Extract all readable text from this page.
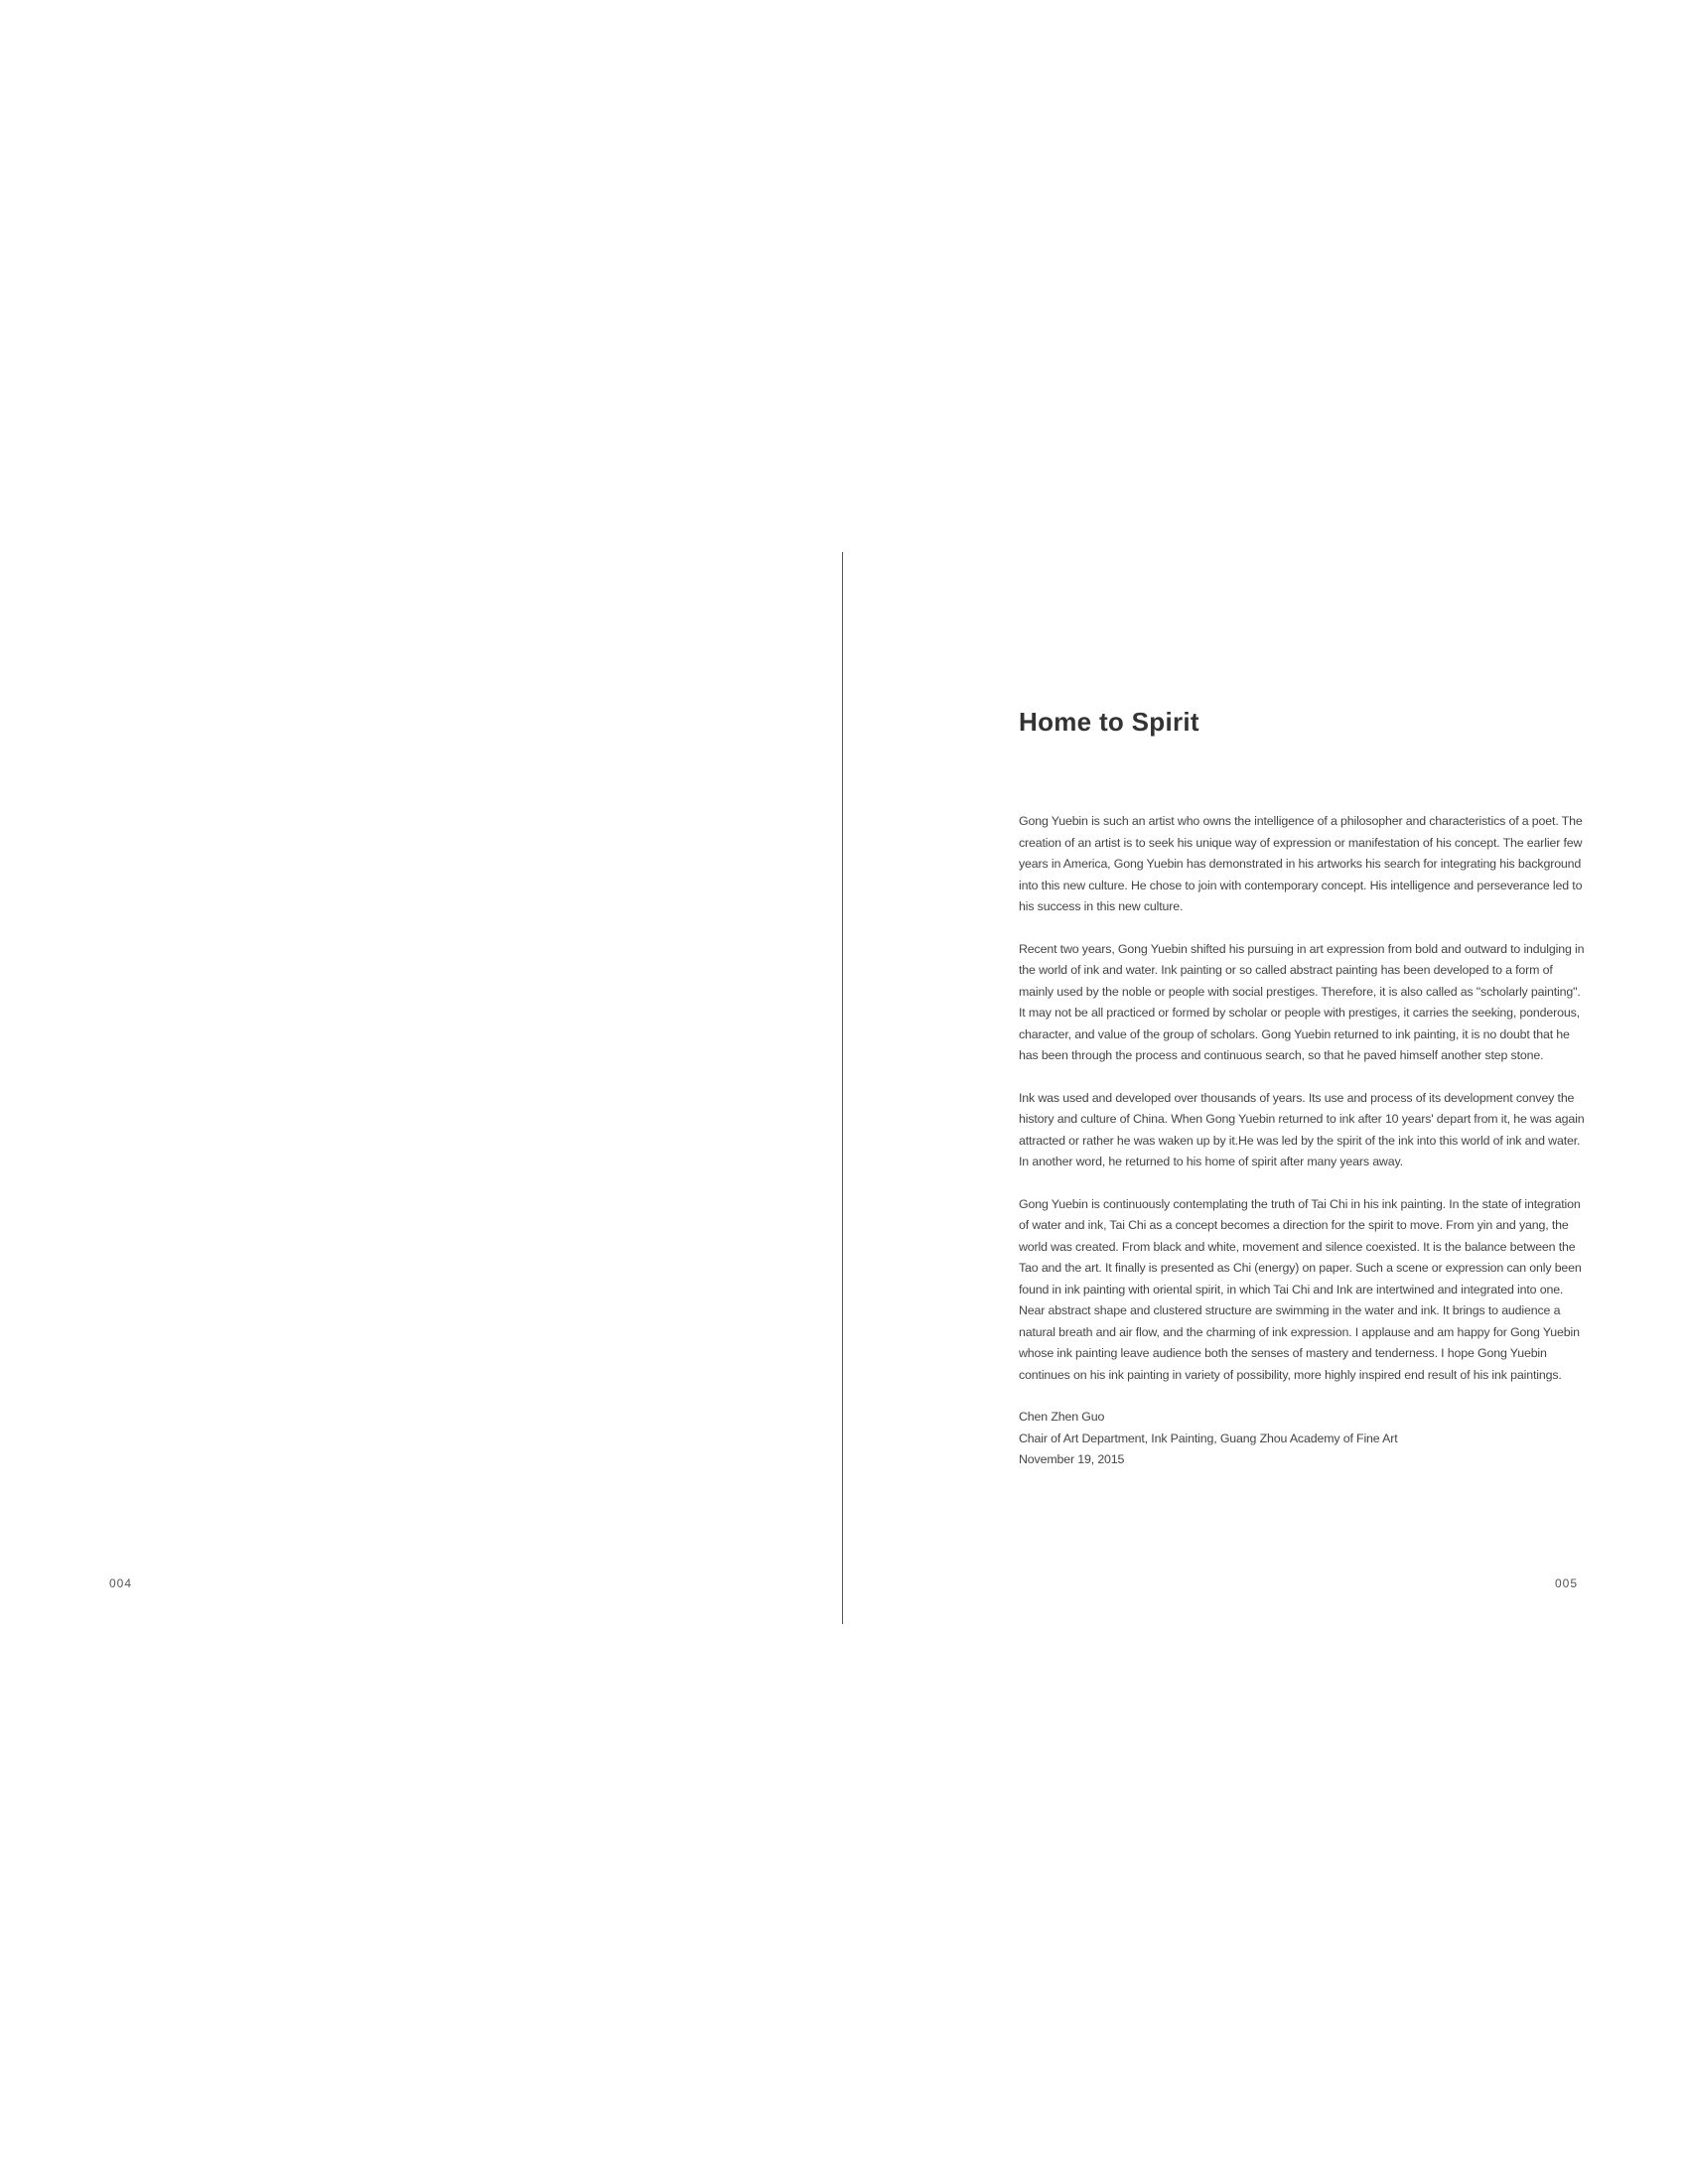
004
Home to Spirit

Gong Yuebin is such an artist who owns the intelligence of a philosopher and characteristics of a poet. The creation of an artist is to seek his unique way of expression or manifestation of his concept. The earlier few years in America, Gong Yuebin has demonstrated in his artworks his search for integrating his background into this new culture. He chose to join with contemporary concept. His intelligence and perseverance led to his success in this new culture.

Recent two years, Gong Yuebin shifted his pursuing in art expression from bold and outward to indulging in the world of ink and water. Ink painting or so called abstract painting has been developed to a form of mainly used by the noble or people with social prestiges. Therefore, it is also called as "scholarly painting". It may not be all practiced or formed by scholar or people with prestiges, it carries the seeking, ponderous, character, and value of the group of scholars. Gong Yuebin returned to ink painting, it is no doubt that he has been through the process and continuous search, so that he paved himself another step stone.

Ink was used and developed over thousands of years. Its use and process of its development convey the history and culture of China. When Gong Yuebin returned to ink after 10 years' depart from it, he was again attracted or rather he was waken up by it.He was led by the spirit of the ink into this world of ink and water. In another word, he returned to his home of spirit after many years away.

Gong Yuebin is continuously contemplating the truth of Tai Chi in his ink painting. In the state of integration of water and ink, Tai Chi as a concept becomes a direction for the spirit to move. From yin and yang, the world was created. From black and white, movement and silence coexisted. It is the balance between the Tao and the art. It finally is presented as Chi (energy) on paper. Such a scene or expression can only been found in ink painting with oriental spirit, in which Tai Chi and Ink are intertwined and integrated into one. Near abstract shape and clustered structure are swimming in the water and ink. It brings to audience a natural breath and air flow, and the charming of ink expression. I applause and am happy for Gong Yuebin whose ink painting leave audience both the senses of mastery and tenderness. I hope Gong Yuebin continues on his ink painting in variety of possibility, more highly inspired end result of his ink paintings.

Chen Zhen Guo
Chair of Art Department, Ink Painting, Guang Zhou Academy of Fine Art
November 19, 2015
005
